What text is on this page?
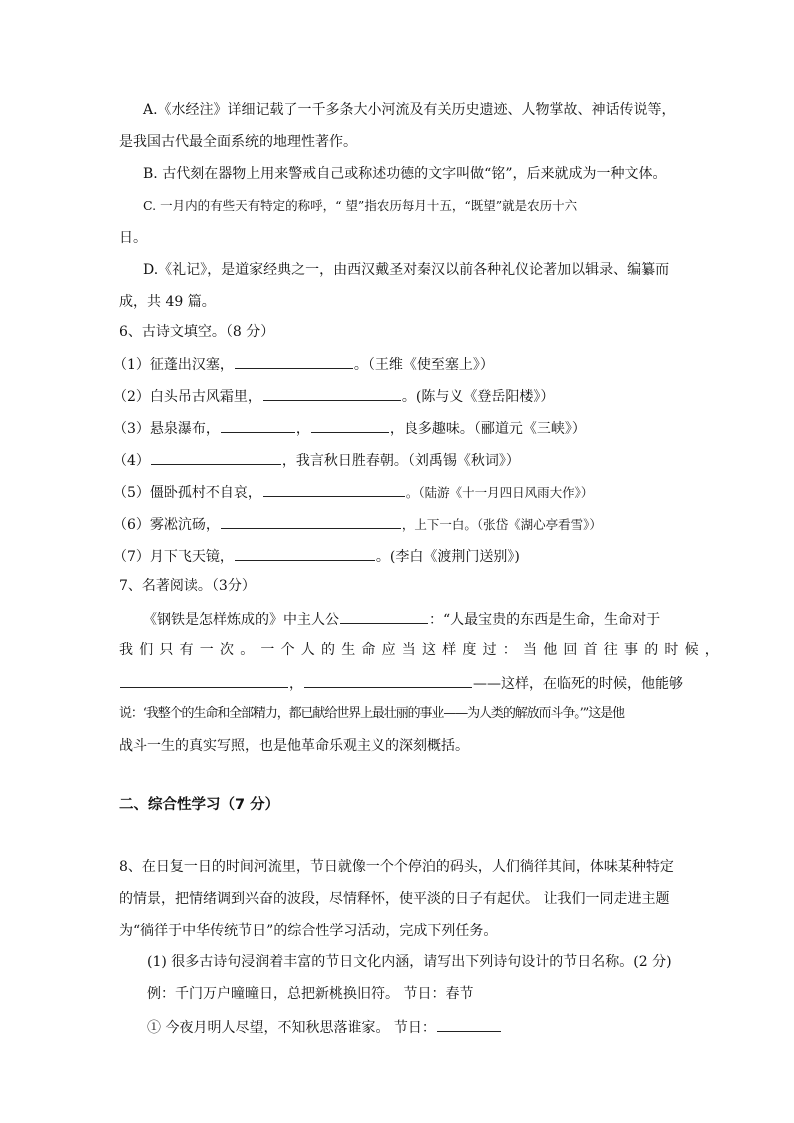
A.《水经注》详细记载了一千多条大小河流及有关历史遗迹、人物掌故、神话传说等，
是我国古代最全面系统的地理性著作。
B. 古代刻在器物上用来警戒自己或称述功德的文字叫做“铭”，后来就成为一种文体。
C. 一月内的有些天有特定的称呼，“ 望”指农历每月十五，“既望”就是农历十六
日。
D.《礼记》，是道家经典之一，由西汉戴圣对秦汉以前各种礼仪论著加以辑录、编纂而
成，共 49 篇。
6、古诗文填空。（8 分）
（1）征蓬出汉塞，	。（王维《使至塞上》）
（2）白头吊古风霜里，	。(陈与义《登岳阳楼》）
（3）悬泉瀑布，	，	，良多趣味。（郦道元《三峡》）
（4）	，我言秋日胜春朝。（刘禹锡《秋词》）
（5）僵卧孤村不自哀，	。（陆游《十一月四日风雨大作》）
（6）雾凇沆砀，	，上下一白。（张岱《湖心亭看雪》）
（7）月下飞天镜，	。(李白《渡荆门送别》)
7、名著阅读。（3分）
《钢铁是怎样炼成的》中主人公	：“人最宝贵的东西是生命，生命对于
我们只有一次。一个人的生命应当这样度过：当他回首往事的时候，
，	——这样，在临死的时候，他能够
说：‘我整个的生命和全部精力，都已献给世界上最壮丽的事业——为人类的解放而斗争。’”这是他
战斗一生的真实写照，也是他革命乐观主义的深刻概括。
二、综合性学习（7 分）
8、在日复一日的时间河流里，节日就像一个个停泊的码头，人们徜徉其间，体味某种特定
的情景，把情绪调到兴奋的波段，尽情释怀，使平淡的日子有起伏。 让我们一同走进主题
为“徜徉于中华传统节日”的综合性学习活动，完成下列任务。
(1) 很多古诗句浸润着丰富的节日文化内涵，请写出下列诗句设计的节日名称。(2 分)
例：千门万户曈曈日，总把新桃换旧符。 节日：春节
① 今夜月明人尽望，不知秋思落谁家。 节日：
